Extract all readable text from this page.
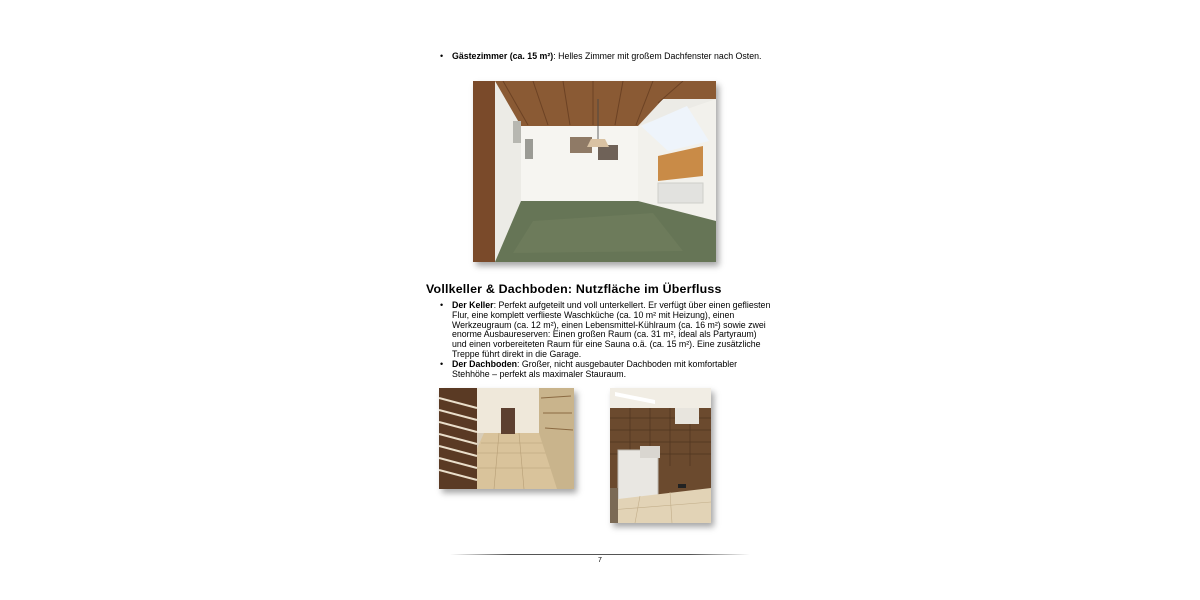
• Gästezimmer (ca. 15 m²): Helles Zimmer mit großem Dachfenster nach Osten.
Vollkeller & Dachboden: Nutzfläche im Überfluss
• Der Keller: Perfekt aufgeteilt und voll unterkellert. Er verfügt über einen gefliesten Flur, eine komplett verflieste Waschküche (ca. 10 m² mit Heizung), einen Werkzeugraum (ca. 12 m²), einen Lebensmittel-Kühlraum (ca. 16 m²) sowie zwei enorme Ausbaureserven: Einen großen Raum (ca. 31 m², ideal als Partyraum) und einen vorbereiteten Raum für eine Sauna o.ä. (ca. 15 m²). Eine zusätzliche Treppe führt direkt in die Garage.
• Der Dachboden: Großer, nicht ausgebauter Dachboden mit komfortabler Stehhöhe – perfekt als maximaler Stauraum.
7
